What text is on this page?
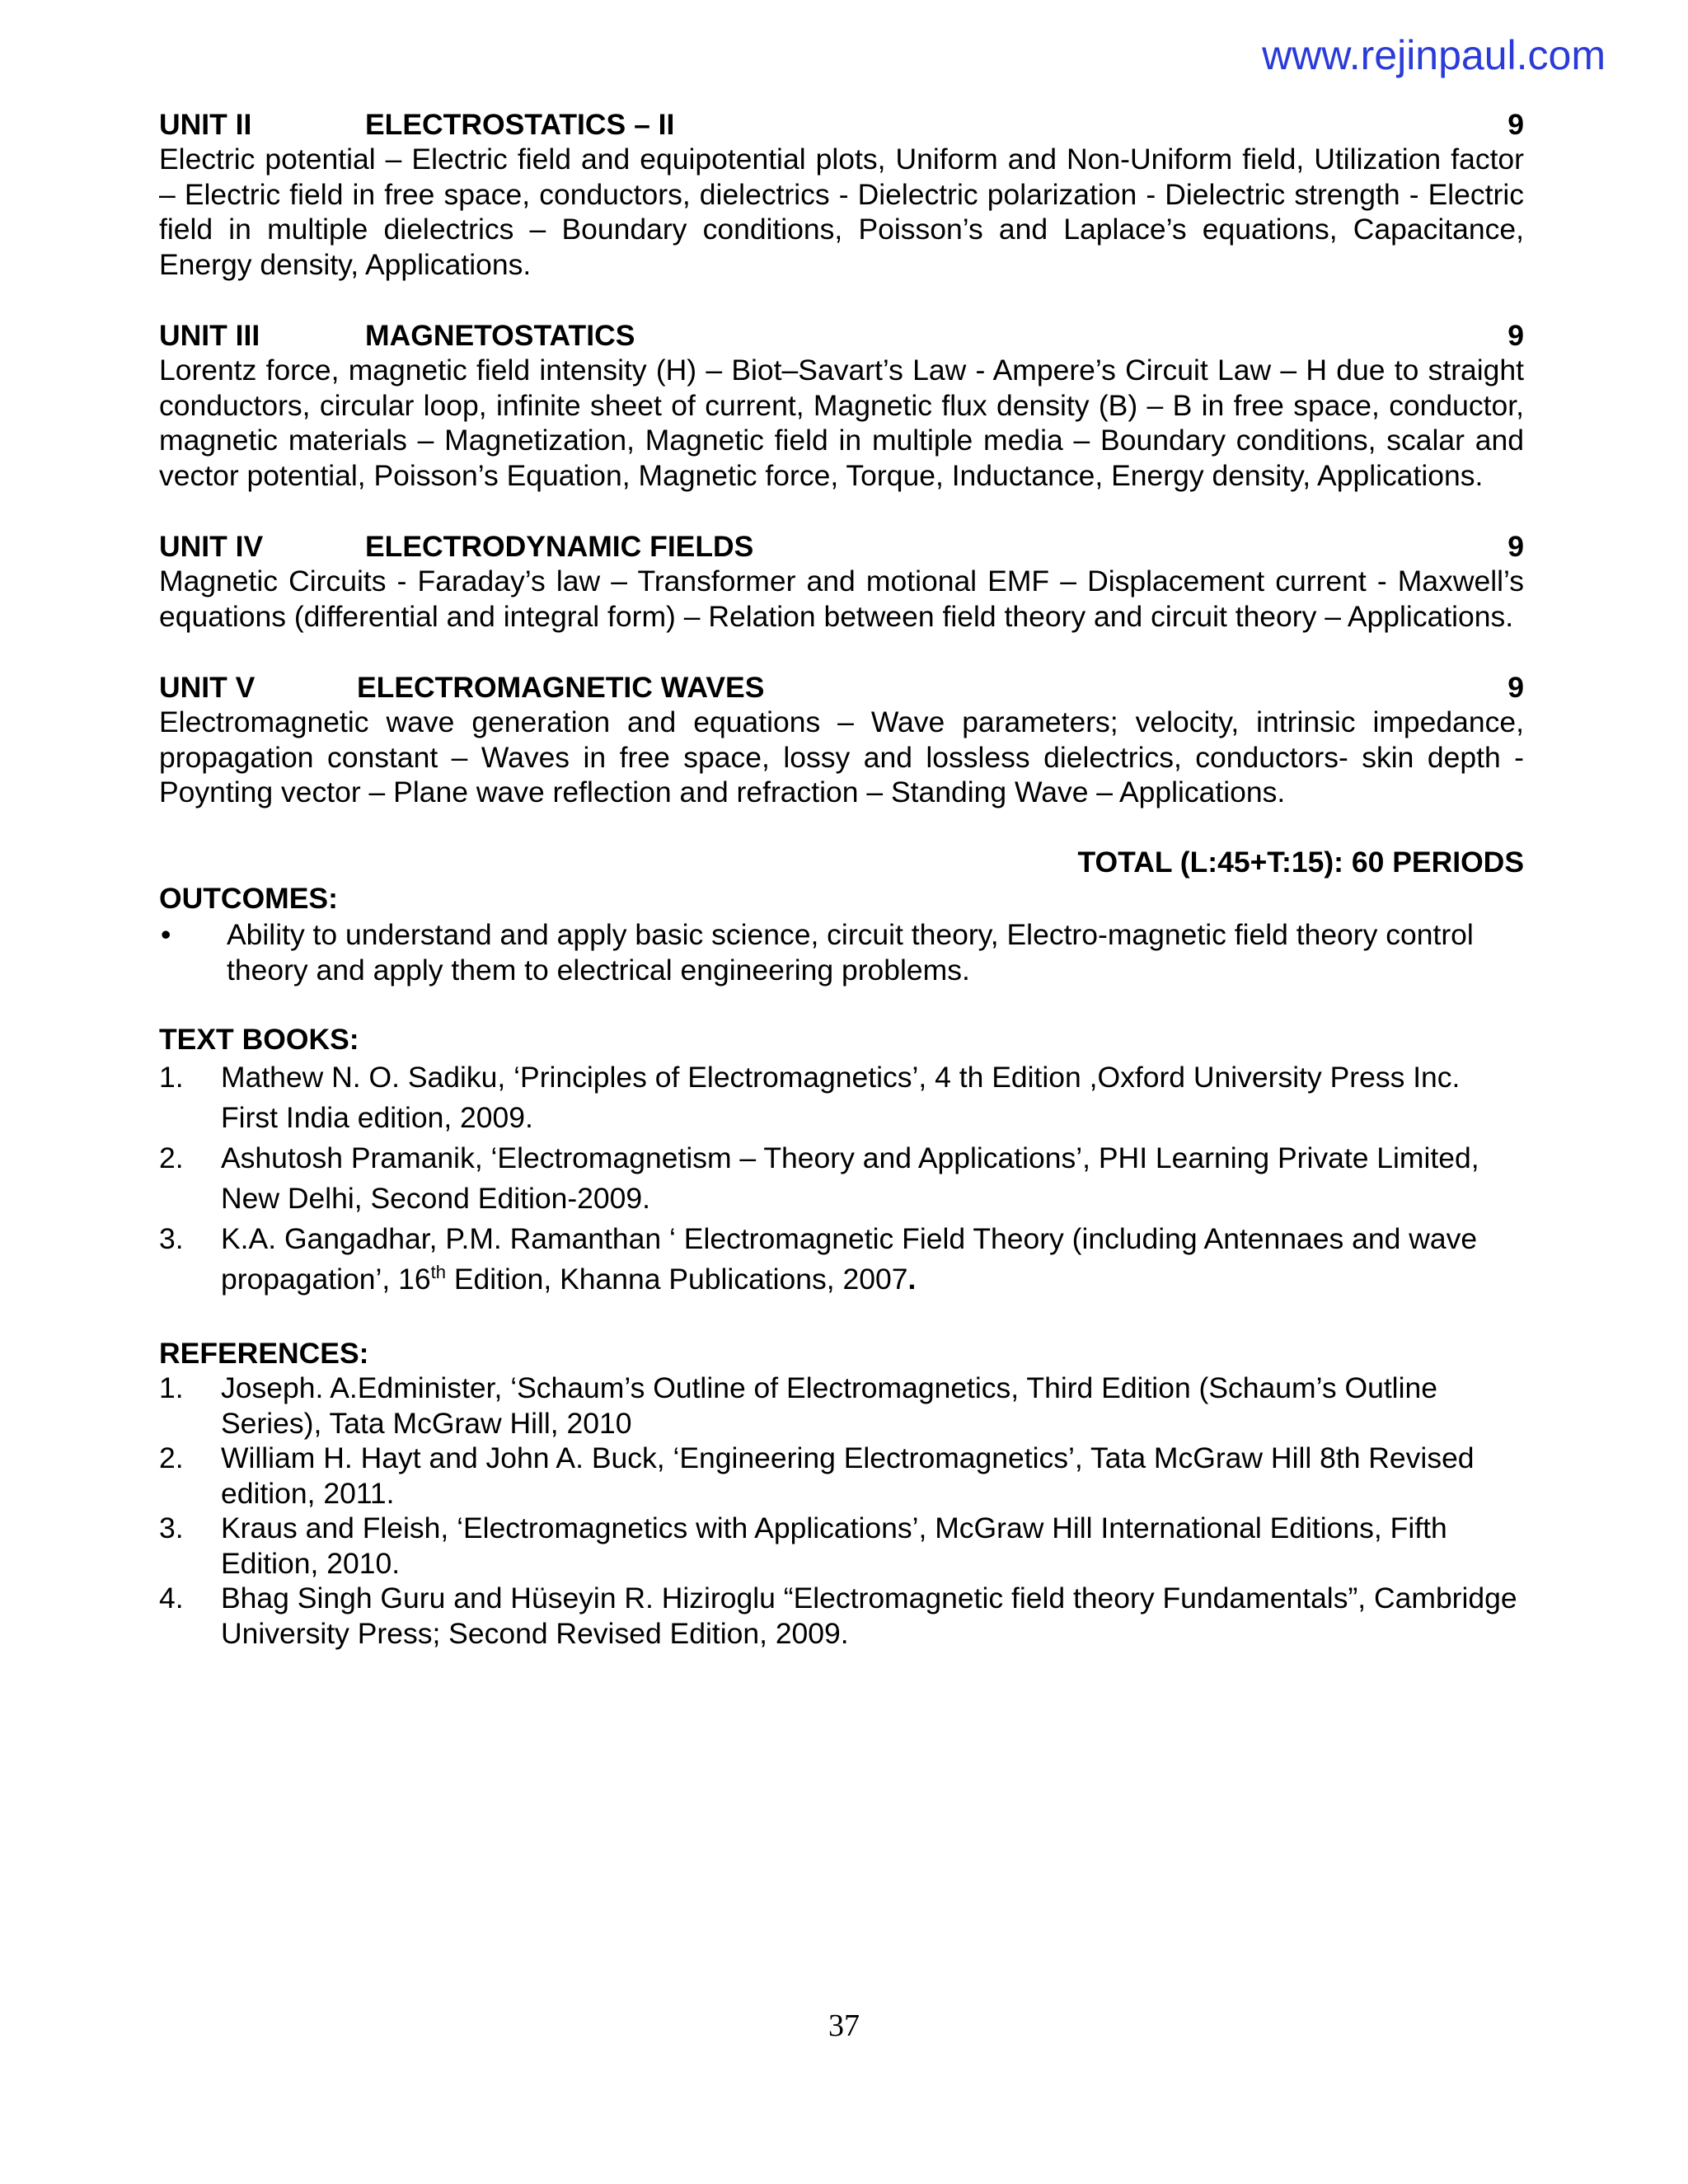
www.rejinpaul.com
UNIT II	ELECTROSTATICS – II	9
Electric potential – Electric field and equipotential plots, Uniform and Non-Uniform field, Utilization factor – Electric field in free space, conductors, dielectrics - Dielectric polarization - Dielectric strength - Electric field in multiple dielectrics – Boundary conditions, Poisson’s and Laplace’s equations, Capacitance, Energy density, Applications.
UNIT III	MAGNETOSTATICS	9
Lorentz force, magnetic field intensity (H) – Biot–Savart’s Law - Ampere’s Circuit Law – H due to straight conductors, circular loop, infinite sheet of current, Magnetic flux density (B) – B in free space, conductor, magnetic materials – Magnetization, Magnetic field in multiple media – Boundary conditions, scalar and vector potential, Poisson’s Equation, Magnetic force, Torque, Inductance, Energy density, Applications.
UNIT IV	ELECTRODYNAMIC FIELDS	9
Magnetic Circuits - Faraday’s law – Transformer and motional EMF – Displacement current - Maxwell’s equations (differential and integral form) – Relation between field theory and circuit theory – Applications.
UNIT V	ELECTROMAGNETIC WAVES	9
Electromagnetic wave generation and equations – Wave parameters; velocity, intrinsic impedance, propagation constant – Waves in free space, lossy and lossless dielectrics, conductors- skin depth - Poynting vector – Plane wave reflection and refraction – Standing Wave – Applications.
TOTAL (L:45+T:15): 60 PERIODS
OUTCOMES:
•	Ability to understand and apply basic science, circuit theory, Electro-magnetic field theory control theory and apply them to electrical engineering problems.
TEXT BOOKS:
1.	Mathew N. O. Sadiku, ‘Principles of Electromagnetics’, 4 th Edition ,Oxford University Press Inc. First India edition, 2009.
2.	Ashutosh Pramanik, ‘Electromagnetism – Theory and Applications’, PHI Learning Private Limited, New Delhi, Second Edition-2009.
3.	K.A. Gangadhar, P.M. Ramanthan ‘ Electromagnetic Field Theory (including Antennaes and wave propagation’, 16th Edition, Khanna Publications, 2007.
REFERENCES:
1.	Joseph. A.Edminister, ‘Schaum’s Outline of Electromagnetics, Third Edition (Schaum’s Outline Series), Tata McGraw Hill, 2010
2.	William H. Hayt and John A. Buck, ‘Engineering Electromagnetics’, Tata McGraw Hill 8th Revised edition, 2011.
3.	Kraus and Fleish, ‘Electromagnetics with Applications’, McGraw Hill International Editions, Fifth Edition, 2010.
4.	Bhag Singh Guru and Hüseyin R. Hiziroglu “Electromagnetic field theory Fundamentals”, Cambridge University Press; Second Revised Edition, 2009.
37
